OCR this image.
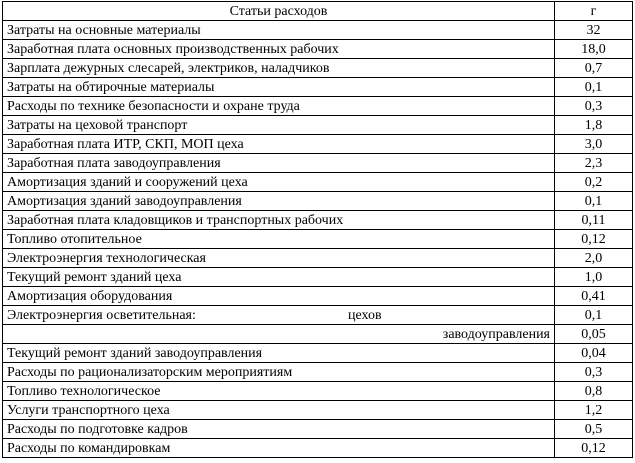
Статьи расходов	г
Затраты на основные материалы	32
Заработная плата основных производственных рабочих	18,0
Зарплата дежурных слесарей, электриков, наладчиков	0,7
Затраты на обтирочные материалы	0,1
Расходы по технике безопасности и охране труда	0,3
Затраты на цеховой транспорт	1,8
Заработная плата ИТР, СКП, МОП цеха	3,0
Заработная плата заводоуправления	2,3
Амортизация зданий и сооружений цеха	0,2
Амортизация зданий заводоуправления	0,1
Заработная плата кладовщиков и транспортных рабочих	0,11
Топливо отопительное	0,12
Электроэнергия технологическая	2,0
Текущий ремонт зданий цеха	1,0
Амортизация оборудования	0,41
Электроэнергия осветительная: цехов	0,1
заводоуправления	0,05
Текущий ремонт зданий заводоуправления	0,04
Расходы по рационализаторским мероприятиям	0,3
Топливо технологическое	0,8
Услуги транспортного цеха	1,2
Расходы по подготовке кадров	0,5
Расходы по командировкам	0,12
